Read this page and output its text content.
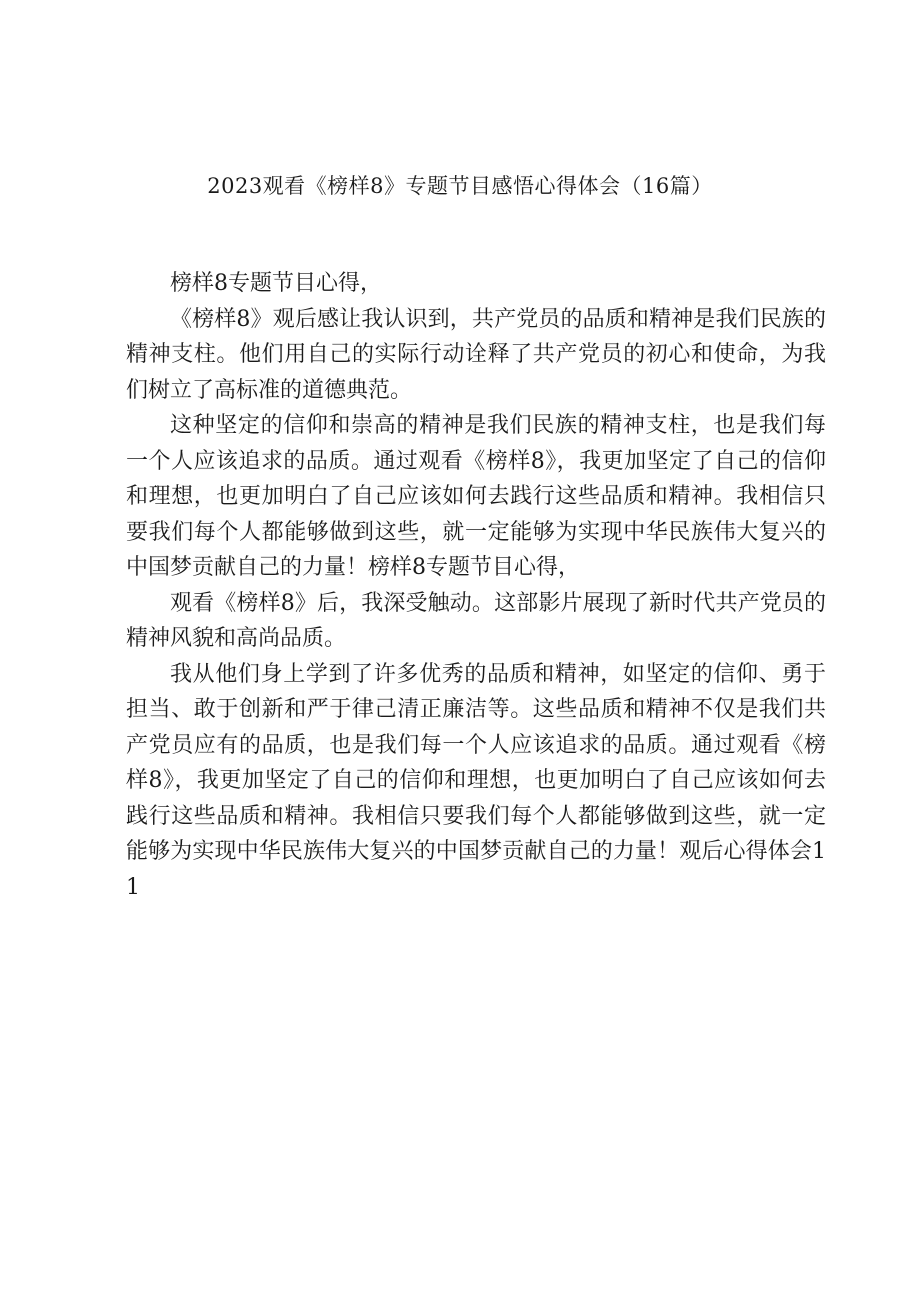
2023观看《榜样8》专题节目感悟心得体会（16篇）

榜样8专题节目心得，

《榜样8》观后感让我认识到，共产党员的品质和精神是我们民族的精神支柱。他们用自己的实际行动诠释了共产党员的初心和使命，为我们树立了高标准的道德典范。

这种坚定的信仰和崇高的精神是我们民族的精神支柱，也是我们每一个人应该追求的品质。通过观看《榜样8》，我更加坚定了自己的信仰和理想，也更加明白了自己应该如何去践行这些品质和精神。我相信只要我们每个人都能够做到这些，就一定能够为实现中华民族伟大复兴的中国梦贡献自己的力量！榜样8专题节目心得，

观看《榜样8》后，我深受触动。这部影片展现了新时代共产党员的精神风貌和高尚品质。

我从他们身上学到了许多优秀的品质和精神，如坚定的信仰、勇于担当、敢于创新和严于律己清正廉洁等。这些品质和精神不仅是我们共产党员应有的品质，也是我们每一个人应该追求的品质。通过观看《榜样8》，我更加坚定了自己的信仰和理想，也更加明白了自己应该如何去践行这些品质和精神。我相信只要我们每个人都能够做到这些，就一定能够为实现中华民族伟大复兴的中国梦贡献自己的力量！观后心得体会11
